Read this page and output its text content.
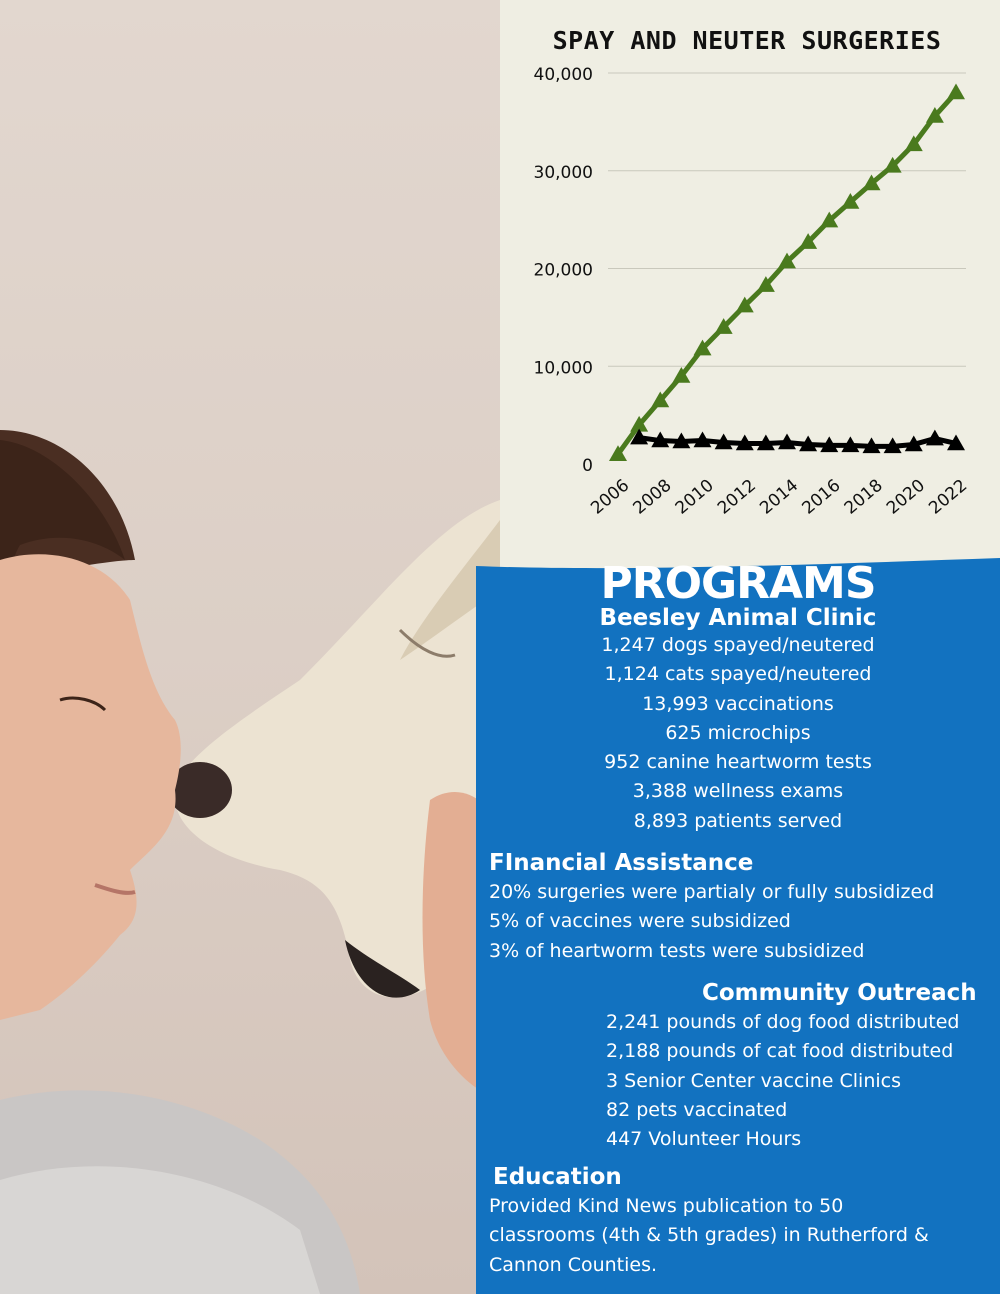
SPAY AND NEUTER SURGERIES
0
10,000
20,000
30,000
40,000
2006
2008
2010
2012
2014
2016
2018
2020
2022
PROGRAMS
Beesley Animal Clinic
1,247 dogs spayed/neutered
1,124 cats spayed/neutered
13,993 vaccinations
625 microchips
952 canine heartworm tests
3,388 wellness exams
8,893 patients served
FInancial Assistance
20% surgeries were partialy or fully subsidized
5% of vaccines were subsidized
3% of heartworm tests were subsidized
Community Outreach
2,241 pounds of dog food distributed
2,188 pounds of cat food distributed
3 Senior Center vaccine Clinics
82 pets vaccinated
447 Volunteer Hours
Education
Provided Kind News publication to 50
classrooms (4th & 5th grades) in Rutherford &
Cannon Counties.
